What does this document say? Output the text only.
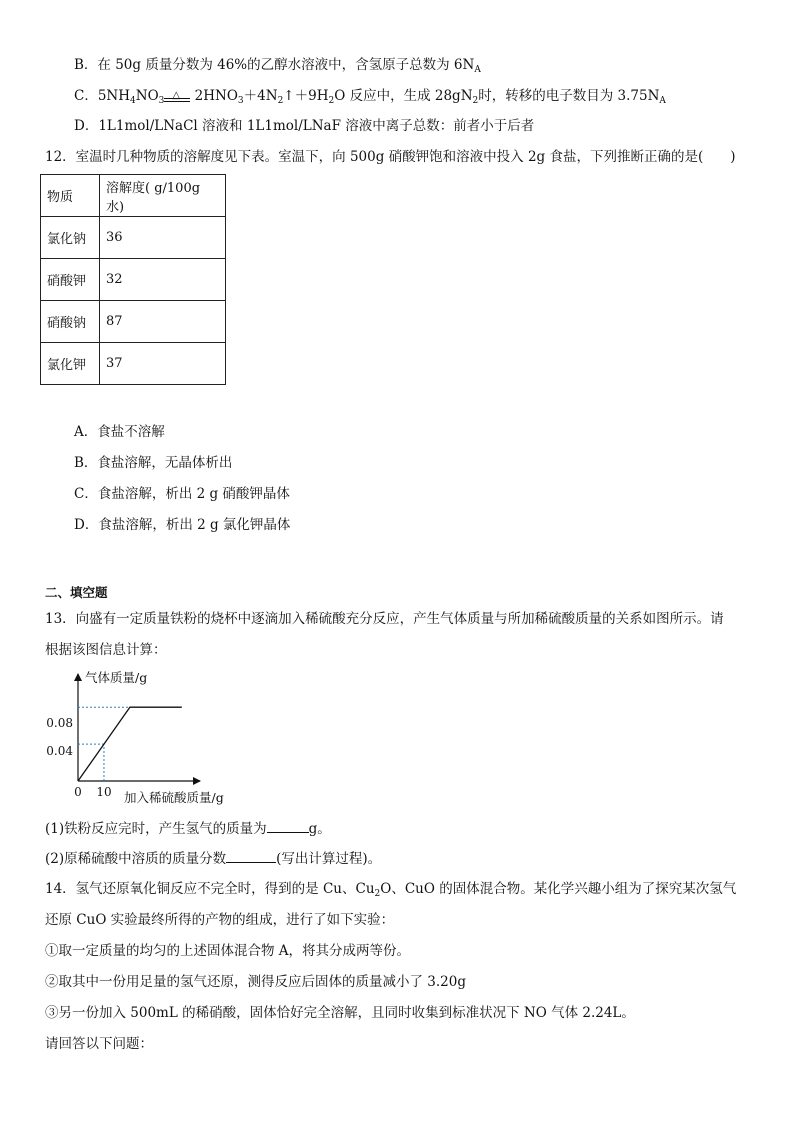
B．在 50g 质量分数为 46%的乙醇水溶液中，含氢原子总数为 $6N_A$
C．$5NH_4NO_3$
△ $2HNO_3+4N_2↑+9H_2O$ 反应中，生成 $28gN_2$时，转移的电子数目为 $3.75N_A$
D．1L1mol/LNaCl 溶液和 1L1mol/LNaF 溶液中离子总数：前者小于后者
12．室温时几种物质的溶解度见下表。室温下，向 500g 硝酸钾饱和溶液中投入 2g 食盐，下列推断正确的是(　　)
物质	溶解度( g/100g 水)
氯化钠	36
硝酸钾	32
硝酸钠	87
氯化钾	37
A．食盐不溶解
B．食盐溶解，无晶体析出
C．食盐溶解，析出 2 g 硝酸钾晶体
D．食盐溶解，析出 2 g 氯化钾晶体
二、填空题
13．向盛有一定质量铁粉的烧杯中逐滴加入稀硫酸充分反应，产生气体质量与所加稀硫酸质量的关系如图所示。请
根据该图信息计算：
气体质量/g
加入稀硫酸质量/g
0 10
0.04
0.08
(1)铁粉反应完时，产生氢气的质量为	g。
(2)原稀硫酸中溶质的质量分数	(写出计算过程)。
14．氢气还原氧化铜反应不完全时，得到的是 Cu、$Cu_2O$、CuO 的固体混合物。某化学兴趣小组为了探究某次氢气
还原 CuO 实验最终所得的产物的组成，进行了如下实验：
①取一定质量的均匀的上述固体混合物 A，将其分成两等份。
②取其中一份用足量的氢气还原，测得反应后固体的质量减小了 3.20g
③另一份加入 500mL 的稀硝酸，固体恰好完全溶解，且同时收集到标准状况下 NO 气体 2.24L。
请回答以下问题：
